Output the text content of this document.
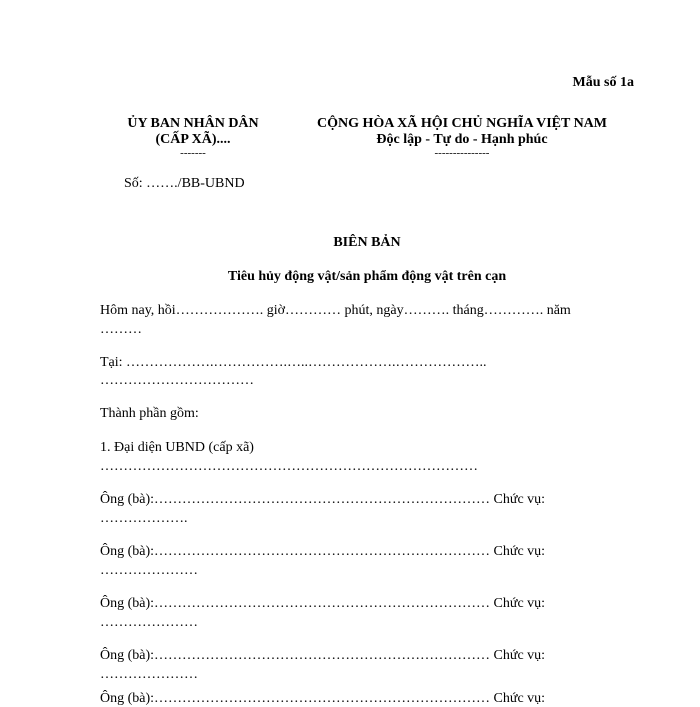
Mẫu số 1a
ỦY BAN NHÂN DÂN
(CẤP XÃ)....
-------
Số: ……./BB-UBND
CỘNG HÒA XÃ HỘI CHỦ NGHĨA VIỆT NAM
Độc lập - Tự do - Hạnh phúc
---------------
BIÊN BẢN
Tiêu hủy động vật/sản phẩm động vật trên cạn
Hôm nay, hồi………………. giờ………… phút, ngày………. tháng…………. năm
………
Tại: ……………….…………….…..……………….………………..
……………………………
Thành phần gồm:
1. Đại diện UBND (cấp xã)
………………………………………………………………………
Ông (bà):……………………………………………………………… Chức vụ:
……………….
Ông (bà):……………………………………………………………… Chức vụ:
…………………
Ông (bà):……………………………………………………………… Chức vụ:
…………………
Ông (bà):……………………………………………………………… Chức vụ:
…………………
Ông (bà):……………………………………………………………… Chức vụ:
